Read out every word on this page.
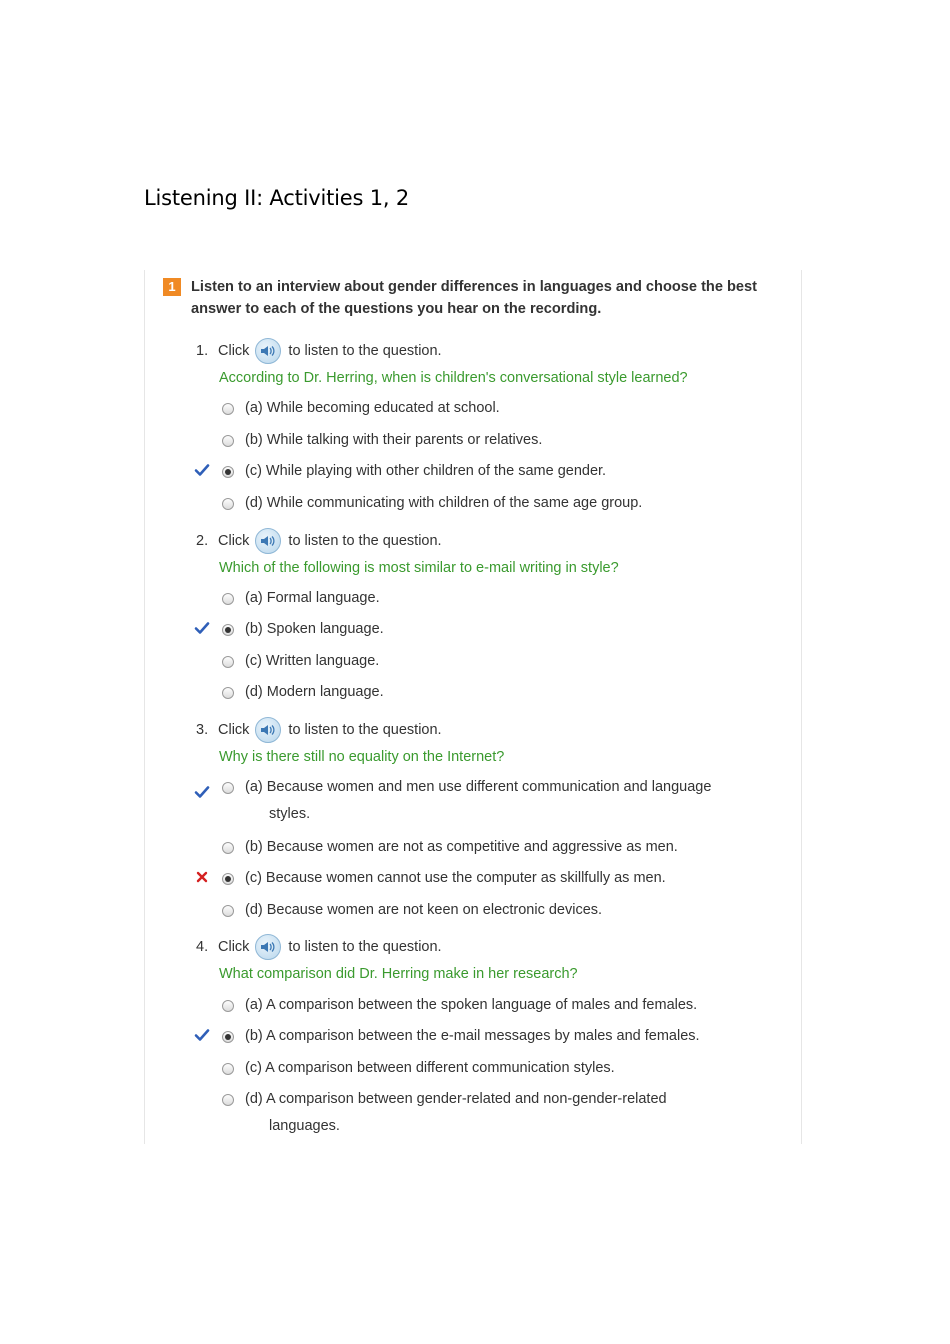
Listening II: Activities 1, 2
1	Listen to an interview about gender differences in languages and choose the best answer to each of the questions you hear on the recording.
1. Click	to listen to the question.
According to Dr. Herring, when is children's conversational style learned?
(a) While becoming educated at school.
(b) While talking with their parents or relatives.
(c) While playing with other children of the same gender.
(d) While communicating with children of the same age group.
2. Click	to listen to the question.
Which of the following is most similar to e-mail writing in style?
(a) Formal language.
(b) Spoken language.
(c) Written language.
(d) Modern language.
3. Click	to listen to the question.
Why is there still no equality on the Internet?
(a) Because women and men use different communication and language
styles.
(b) Because women are not as competitive and aggressive as men.
(c) Because women cannot use the computer as skillfully as men.
(d) Because women are not keen on electronic devices.
4. Click	to listen to the question.
What comparison did Dr. Herring make in her research?
(a) A comparison between the spoken language of males and females.
(b) A comparison between the e-mail messages by males and females.
(c) A comparison between different communication styles.
(d) A comparison between gender-related and non-gender-related
languages.
